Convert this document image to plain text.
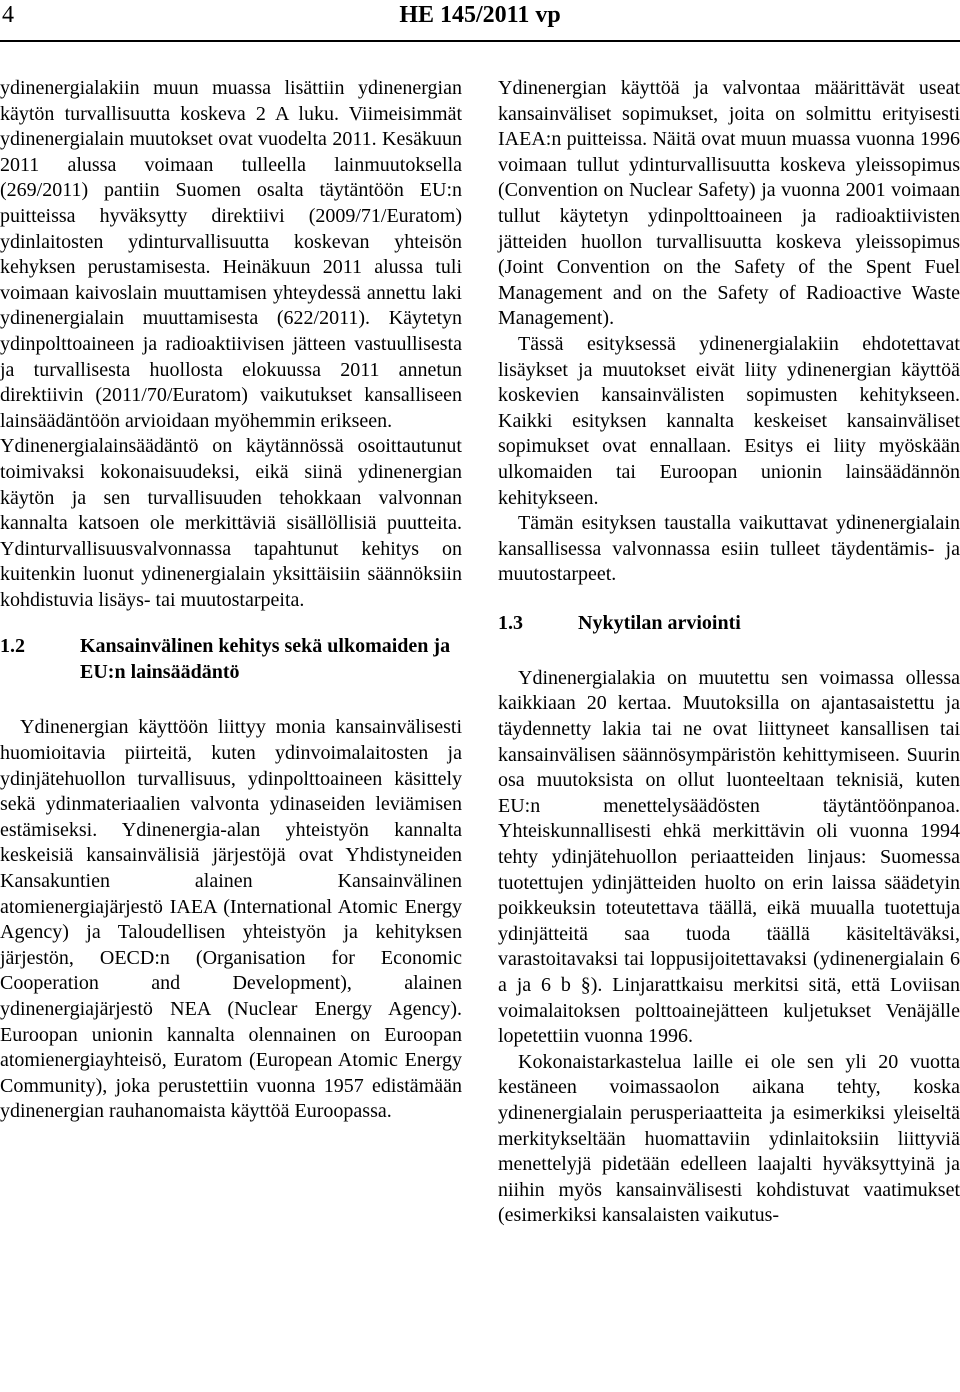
4	HE 145/2011 vp

ydinenergialakiin muun muassa lisättiin ydinenergian käytön turvallisuutta koskeva 2 A luku. Viimeisimmät ydinenergialain muutokset ovat vuodelta 2011. Kesäkuun 2011 alussa voimaan tulleella lainmuutoksella (269/2011) pantiin Suomen osalta täytäntöön EU:n puitteissa hyväksytty direktiivi (2009/71/Euratom) ydinlaitosten ydinturvallisuutta koskevan yhteisön kehyksen perustamisesta. Heinäkuun 2011 alussa tuli voimaan kaivoslain muuttamisen yhteydessä annettu laki ydinenergialain muuttamisesta (622/2011). Käytetyn ydinpolttoaineen ja radioaktiivisen jätteen vastuullisesta ja turvallisesta huollosta elokuussa 2011 annetun direktiivin (2011/70/Euratom) vaikutukset kansalliseen lainsäädäntöön arvioidaan myöhemmin erikseen.

Ydinenergialainsäädäntö on käytännössä osoittautunut toimivaksi kokonaisuudeksi, eikä siinä ydinenergian käytön ja sen turvallisuuden tehokkaan valvonnan kannalta katsoen ole merkittäviä sisällöllisiä puutteita. Ydinturvallisuusvalvonnassa tapahtunut kehitys on kuitenkin luonut ydinenergialain yksittäisiin säännöksiin kohdistuvia lisäys- tai muutostarpeita.

1.2	Kansainvälinen kehitys sekä ulkomaiden ja EU:n lainsäädäntö

Ydinenergian käyttöön liittyy monia kansainvälisesti huomioitavia piirteitä, kuten ydinvoimalaitosten ja ydinjätehuollon turvallisuus, ydinpolttoaineen käsittely sekä ydinmateriaalien valvonta ydinaseiden leviämisen estämiseksi. Ydinenergia-alan yhteistyön kannalta keskeisiä kansainvälisiä järjestöjä ovat Yhdistyneiden Kansakuntien alainen Kansainvälinen atomienergiajärjestö IAEA (International Atomic Energy Agency) ja Taloudellisen yhteistyön ja kehityksen järjestön, OECD:n (Organisation for Economic Cooperation and Development), alainen ydinenergiajärjestö NEA (Nuclear Energy Agency). Euroopan unionin kannalta olennainen on Euroopan atomienergiayhteisö, Euratom (European Atomic Energy Community), joka perustettiin vuonna 1957 edistämään ydinenergian rauhanomaista käyttöä Euroopassa.

Ydinenergian käyttöä ja valvontaa määrittävät useat kansainväliset sopimukset, joita on solmittu erityisesti IAEA:n puitteissa. Näitä ovat muun muassa vuonna 1996 voimaan tullut ydinturvallisuutta koskeva yleissopimus (Convention on Nuclear Safety) ja vuonna 2001 voimaan tullut käytetyn ydinpolttoaineen ja radioaktiivisten jätteiden huollon turvallisuutta koskeva yleissopimus (Joint Convention on the Safety of the Spent Fuel Management and on the Safety of Radioactive Waste Management).

Tässä esityksessä ydinenergialakiin ehdotettavat lisäykset ja muutokset eivät liity ydinenergian käyttöä koskevien kansainvälisten sopimusten kehitykseen. Kaikki esityksen kannalta keskeiset kansainväliset sopimukset ovat ennallaan. Esitys ei liity myöskään ulkomaiden tai Euroopan unionin lainsäädännön kehitykseen.

Tämän esityksen taustalla vaikuttavat ydinenergialain kansallisessa valvonnassa esiin tulleet täydentämis- ja muutostarpeet.

1.3	Nykytilan arviointi

Ydinenergialakia on muutettu sen voimassa ollessa kaikkiaan 20 kertaa. Muutoksilla on ajantasaistettu ja täydennetty lakia tai ne ovat liittyneet kansallisen tai kansainvälisen säännösympäristön kehittymiseen. Suurin osa muutoksista on ollut luonteeltaan teknisiä, kuten EU:n menettelysäädösten täytäntöönpanoa. Yhteiskunnallisesti ehkä merkittävin oli vuonna 1994 tehty ydinjätehuollon periaatteiden linjaus: Suomessa tuotettujen ydinjätteiden huolto on erin laissa säädetyin poikkeuksin toteutettava täällä, eikä muualla tuotettuja ydinjätteitä saa tuoda täällä käsiteltäväksi, varastoitavaksi tai loppusijoitettavaksi (ydinenergialain 6 a ja 6 b §). Linjarattkaisu merkitsi sitä, että Loviisan voimalaitoksen polttoainejätteen kuljetukset Venäjälle lopetettiin vuonna 1996.

Kokonaistarkastelua laille ei ole sen yli 20 vuotta kestäneen voimassaolon aikana tehty, koska ydinenergialain perusperiaatteita ja esimerkiksi yleiseltä merkitykseltään huomattaviin ydinlaitoksiin liittyviä menettelyjä pidetään edelleen laajalti hyväksyttyinä ja niihin myös kansainvälisesti kohdistuvat vaatimukset (esimerkiksi kansalaisten vaikutus-
